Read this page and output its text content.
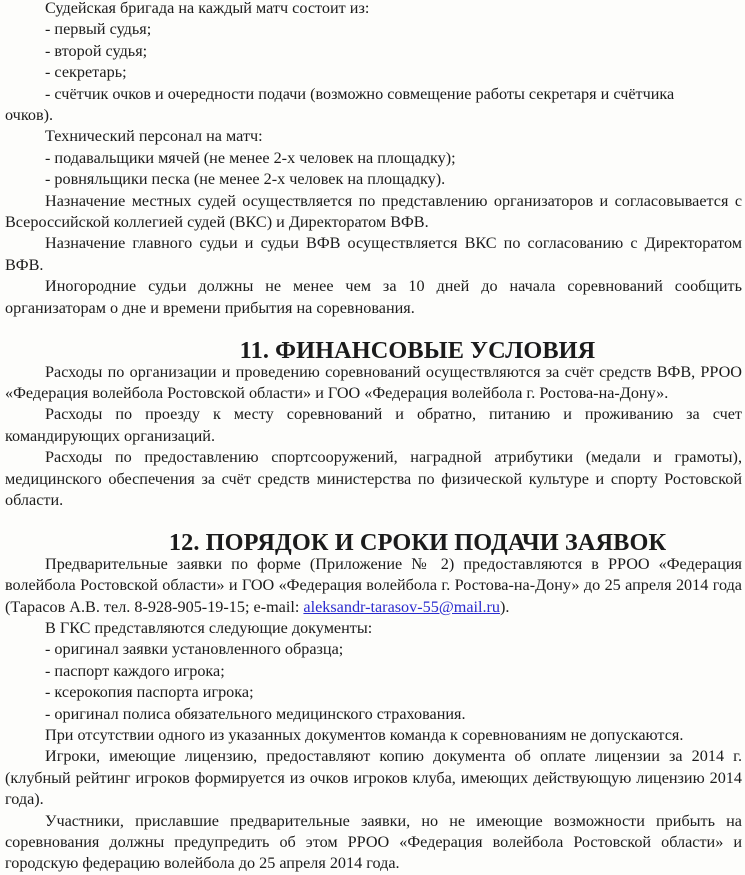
Судейская бригада на каждый матч состоит из:

- первый судья;

- второй судья;

- секретарь;

- счётчик очков и очередности подачи (возможно совмещение работы секретаря и счётчика

очков).

Технический персонал на матч:

- подавальщики мячей (не менее 2-х человек на площадку);

- ровняльщики песка (не менее 2-х человек на площадку).

Назначение местных судей осуществляется по представлению организаторов и согласовывается с Всероссийской коллегией судей (ВКС) и Директоратом ВФВ.

Назначение главного судьи и судьи ВФВ осуществляется ВКС по согласованию с Директоратом ВФВ.

Иногородние судьи должны не менее чем за 10 дней до начала соревнований сообщить организаторам о дне и времени прибытия на соревнования.

11. ФИНАНСОВЫЕ УСЛОВИЯ

Расходы по организации и проведению соревнований осуществляются за счёт средств ВФВ, РРОО «Федерация волейбола Ростовской области» и ГОО «Федерация волейбола г. Ростова-на-Дону».

Расходы по проезду к месту соревнований и обратно, питанию и проживанию за счет командирующих организаций.

Расходы по предоставлению спортсооружений, наградной атрибутики (медали и грамоты), медицинского обеспечения за счёт средств министерства по физической культуре и спорту Ростовской области.

12. ПОРЯДОК И СРОКИ ПОДАЧИ ЗАЯВОК

Предварительные заявки по форме (Приложение № 2) предоставляются в РРОО «Федерация волейбола Ростовской области» и ГОО «Федерация волейбола г. Ростова-на-Дону» до 25 апреля 2014 года (Тарасов А.В. тел. 8-928-905-19-15; e-mail: aleksandr-tarasov-55@mail.ru).

В ГКС представляются следующие документы:

- оригинал заявки установленного образца;

- паспорт каждого игрока;

- ксерокопия паспорта игрока;

- оригинал полиса обязательного медицинского страхования.

При отсутствии одного из указанных документов команда к соревнованиям не допускаются.

Игроки, имеющие лицензию, предоставляют копию документа об оплате лицензии за 2014 г. (клубный рейтинг игроков формируется из очков игроков клуба, имеющих действующую лицензию 2014 года).

Участники, приславшие предварительные заявки, но не имеющие возможности прибыть на соревнования должны предупредить об этом РРОО «Федерация волейбола Ростовской области» и городскую федерацию волейбола до 25 апреля 2014 года.
